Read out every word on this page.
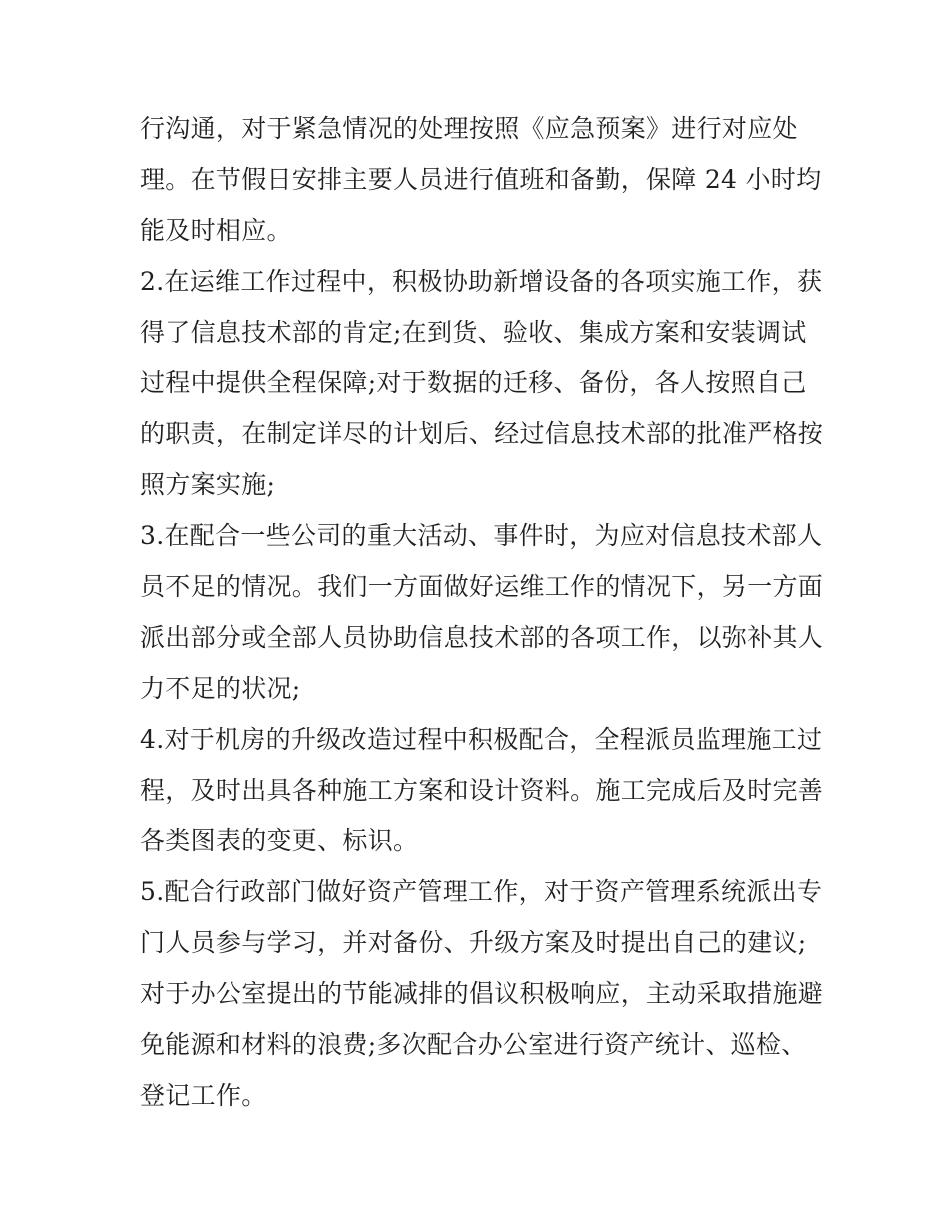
行沟通，对于紧急情况的处理按照《应急预案》进行对应处
理。在节假日安排主要人员进行值班和备勤，保障 24 小时均
能及时相应。
2.在运维工作过程中，积极协助新增设备的各项实施工作，获
得了信息技术部的肯定;在到货、验收、集成方案和安装调试
过程中提供全程保障;对于数据的迁移、备份，各人按照自己
的职责，在制定详尽的计划后、经过信息技术部的批准严格按
照方案实施;
3.在配合一些公司的重大活动、事件时，为应对信息技术部人
员不足的情况。我们一方面做好运维工作的情况下，另一方面
派出部分或全部人员协助信息技术部的各项工作，以弥补其人
力不足的状况;
4.对于机房的升级改造过程中积极配合，全程派员监理施工过
程，及时出具各种施工方案和设计资料。施工完成后及时完善
各类图表的变更、标识。
5.配合行政部门做好资产管理工作，对于资产管理系统派出专
门人员参与学习，并对备份、升级方案及时提出自己的建议;
对于办公室提出的节能减排的倡议积极响应，主动采取措施避
免能源和材料的浪费;多次配合办公室进行资产统计、巡检、
登记工作。
